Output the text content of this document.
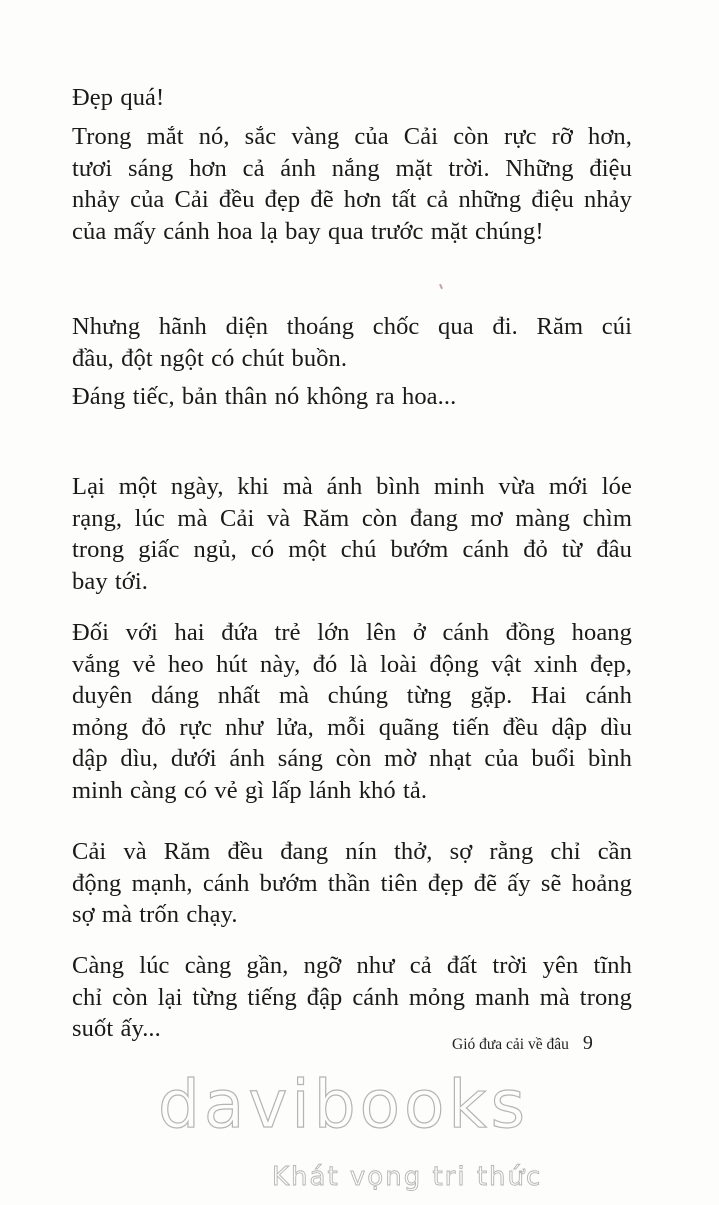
Đẹp quá!

Trong mắt nó, sắc vàng của Cải còn rực rỡ hơn,
tươi sáng hơn cả ánh nắng mặt trời. Những điệu
nhảy của Cải đều đẹp đẽ hơn tất cả những điệu nhảy
của mấy cánh hoa lạ bay qua trước mặt chúng!

Nhưng hãnh diện thoáng chốc qua đi. Răm cúi
đầu, đột ngột có chút buồn.

Đáng tiếc, bản thân nó không ra hoa...

Lại một ngày, khi mà ánh bình minh vừa mới lóe
rạng, lúc mà Cải và Răm còn đang mơ màng chìm
trong giấc ngủ, có một chú bướm cánh đỏ từ đâu
bay tới.

Đối với hai đứa trẻ lớn lên ở cánh đồng hoang
vắng vẻ heo hút này, đó là loài động vật xinh đẹp,
duyên dáng nhất mà chúng từng gặp. Hai cánh
mỏng đỏ rực như lửa, mỗi quãng tiến đều dập dìu
dập dìu, dưới ánh sáng còn mờ nhạt của buổi bình
minh càng có vẻ gì lấp lánh khó tả.

Cải và Răm đều đang nín thở, sợ rằng chỉ cần
động mạnh, cánh bướm thần tiên đẹp đẽ ấy sẽ hoảng
sợ mà trốn chạy.

Càng lúc càng gần, ngỡ như cả đất trời yên tĩnh
chỉ còn lại từng tiếng đập cánh mỏng manh mà trong
suốt ấy...

davibooks
Gió đưa cải về đâu 9
Khát vọng tri thức
